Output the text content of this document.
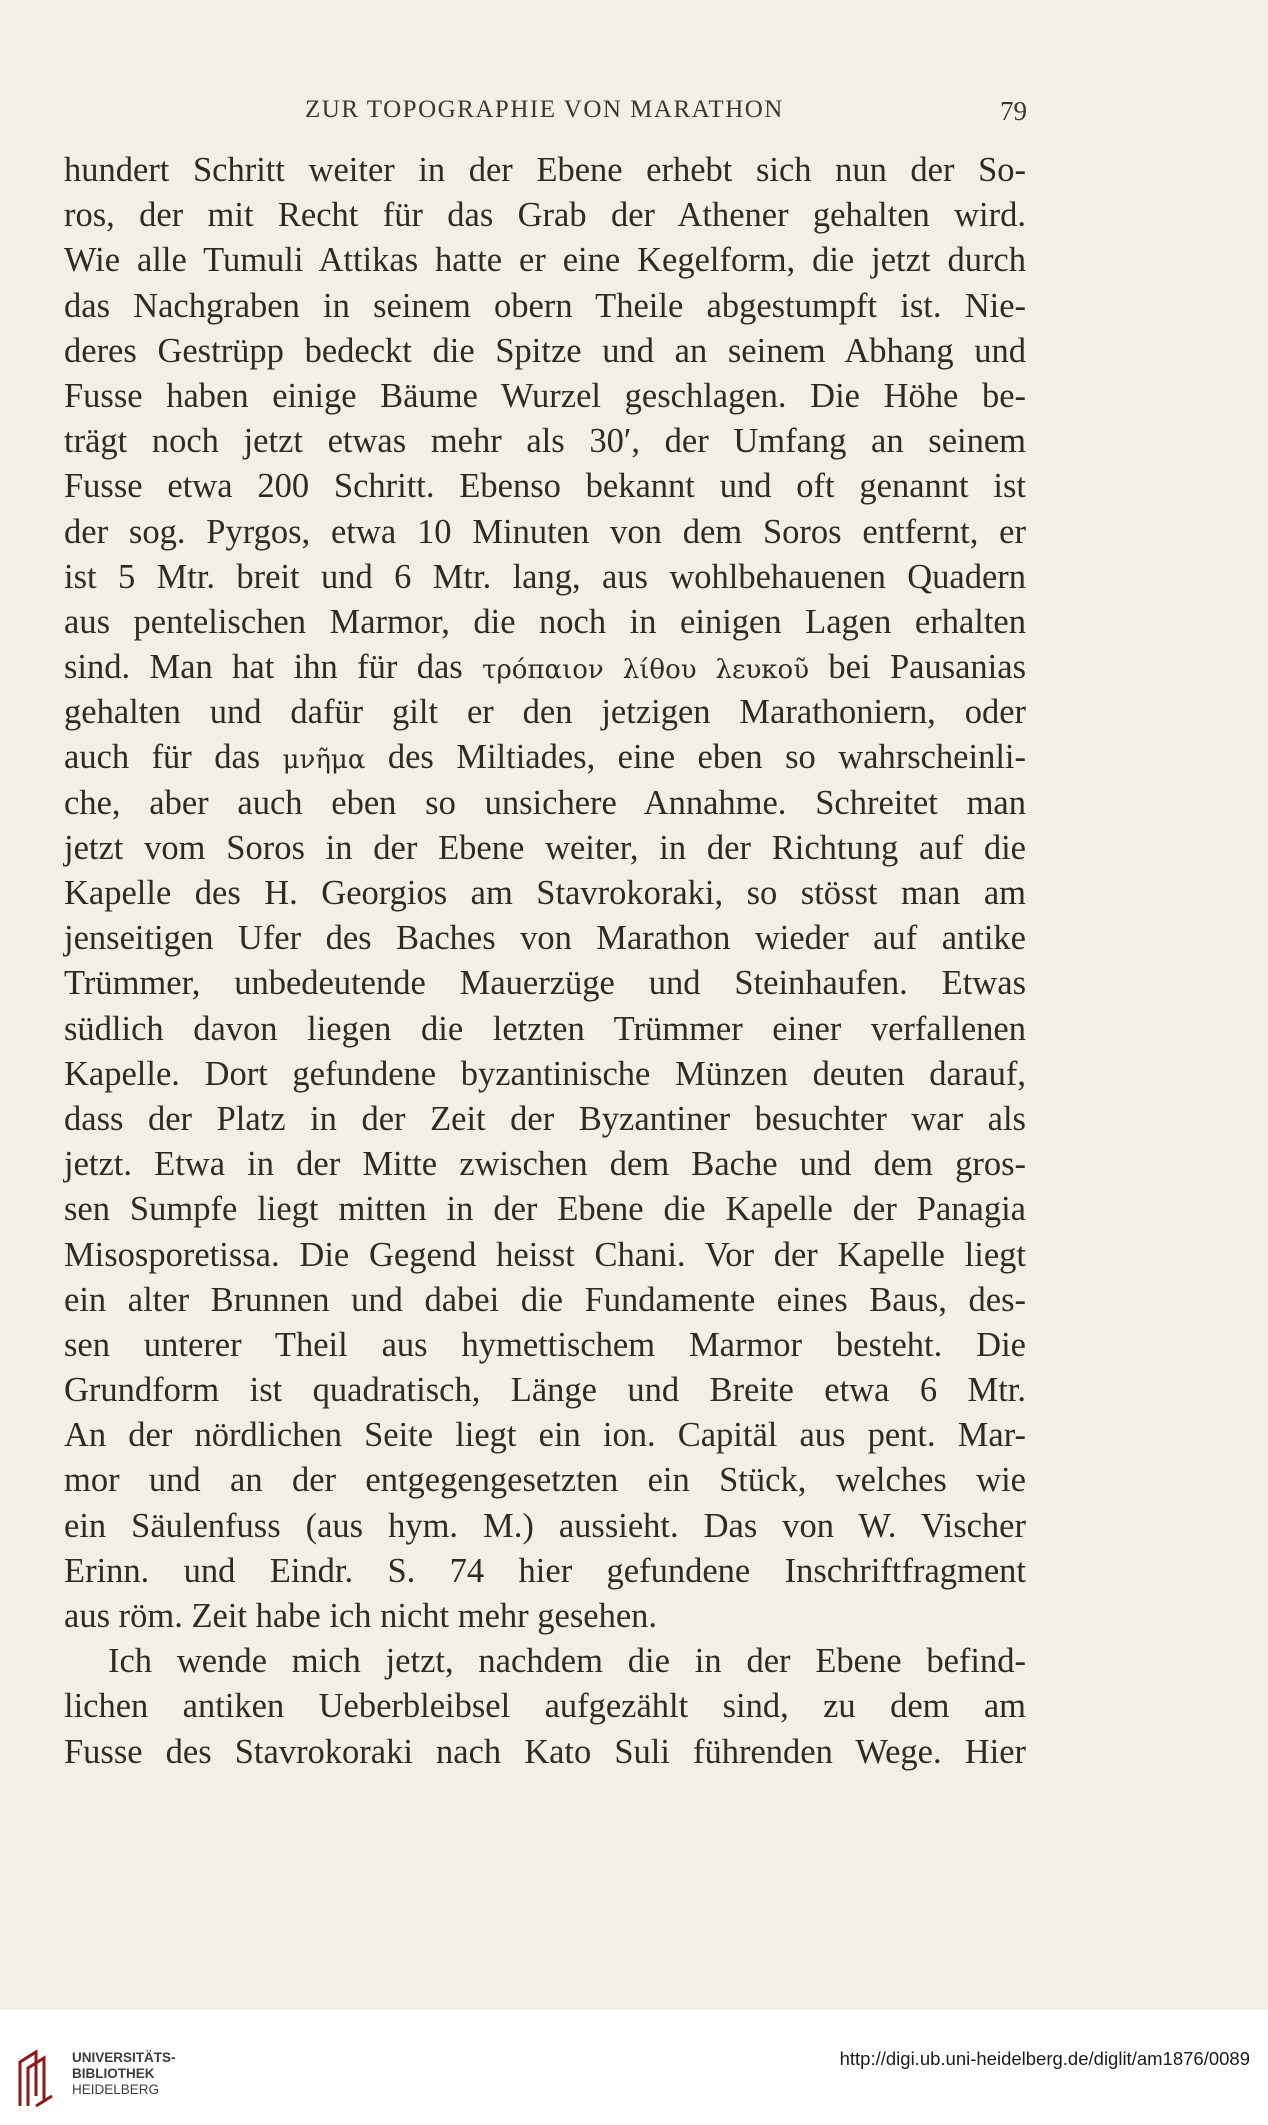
ZUR TOPOGRAPHIE VON MARATHON	79
hundert Schritt weiter in der Ebene erhebt sich nun der So-
ros, der mit Recht für das Grab der Athener gehalten wird.
Wie alle Tumuli Attikas hatte er eine Kegelform, die jetzt durch
das Nachgraben in seinem obern Theile abgestumpft ist. Nie-
deres Gestrüpp bedeckt die Spitze und an seinem Abhang und
Fusse haben einige Bäume Wurzel geschlagen. Die Höhe be-
trägt noch jetzt etwas mehr als 30′, der Umfang an seinem
Fusse etwa 200 Schritt. Ebenso bekannt und oft genannt ist
der sog. Pyrgos, etwa 10 Minuten von dem Soros entfernt, er
ist 5 Mtr. breit und 6 Mtr. lang, aus wohlbehauenen Quadern
aus pentelischen Marmor, die noch in einigen Lagen erhalten
sind. Man hat ihn für das τρόπαιον λίθου λευκοῦ bei Pausanias
gehalten und dafür gilt er den jetzigen Marathoniern, oder
auch für das μνῆμα des Miltiades, eine eben so wahrscheinli-
che, aber auch eben so unsichere Annahme. Schreitet man
jetzt vom Soros in der Ebene weiter, in der Richtung auf die
Kapelle des H. Georgios am Stavrokoraki, so stösst man am
jenseitigen Ufer des Baches von Marathon wieder auf antike
Trümmer, unbedeutende Mauerzüge und Steinhaufen. Etwas
südlich davon liegen die letzten Trümmer einer verfallenen
Kapelle. Dort gefundene byzantinische Münzen deuten darauf,
dass der Platz in der Zeit der Byzantiner besuchter war als
jetzt. Etwa in der Mitte zwischen dem Bache und dem gros-
sen Sumpfe liegt mitten in der Ebene die Kapelle der Panagia
Misosporetissa. Die Gegend heisst Chani. Vor der Kapelle liegt
ein alter Brunnen und dabei die Fundamente eines Baus, des-
sen unterer Theil aus hymettischem Marmor besteht. Die
Grundform ist quadratisch, Länge und Breite etwa 6 Mtr.
An der nördlichen Seite liegt ein ion. Capitäl aus pent. Mar-
mor und an der entgegengesetzten ein Stück, welches wie
ein Säulenfuss (aus hym. M.) aussieht. Das von W. Vischer
Erinn. und Eindr. S. 74 hier gefundene Inschriftfragment
aus röm. Zeit habe ich nicht mehr gesehen.
Ich wende mich jetzt, nachdem die in der Ebene befind-
lichen antiken Ueberbleibsel aufgezählt sind, zu dem am
Fusse des Stavrokoraki nach Kato Suli führenden Wege. Hier
UNIVERSITÄTS-
BIBLIOTHEK
HEIDELBERG
http://digi.ub.uni-heidelberg.de/diglit/am1876/0089
